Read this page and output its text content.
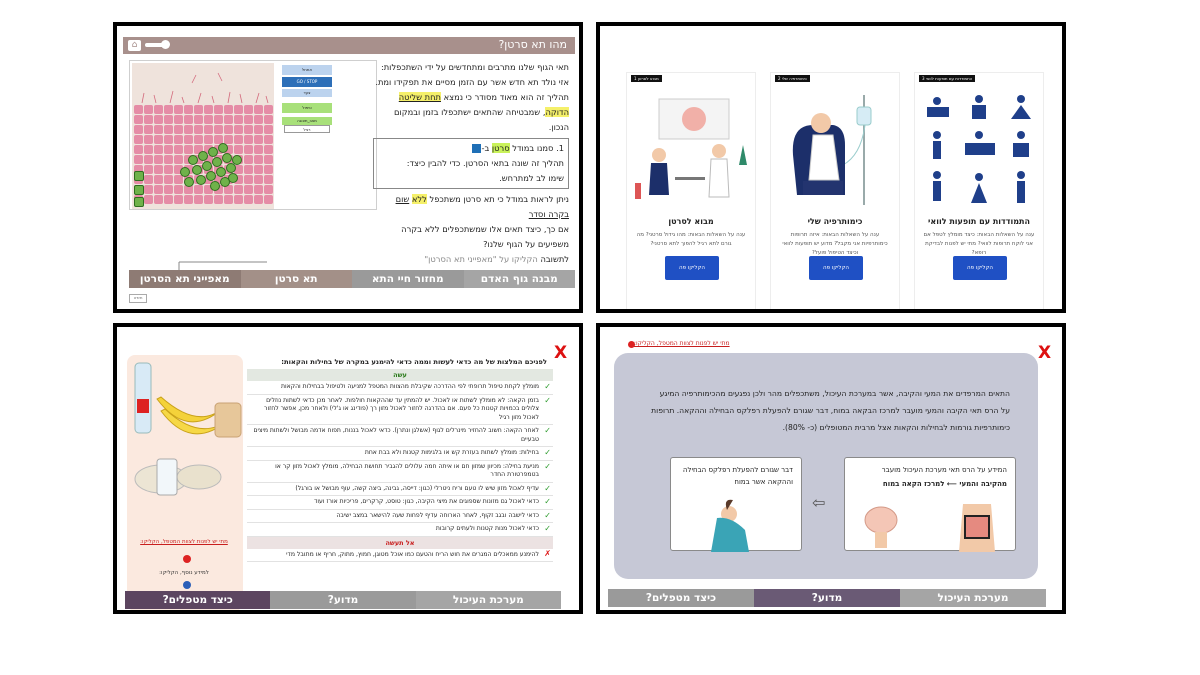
⌂	מהו תא סרטן?
אתחל
GO / STOP
צעד
טיפול
מצב_תצוגה
רגיל
תאי הגוף שלנו מתרבים ומתחדשים על ידי השתכפלות: אזי נולד תא חדש אשר עם הזמן מסיים את תפקידו ומת.
תהליך זה הוא מאוד מסודר כי נמצא תחת שליטה הדוקה, שמבטיחה שהתאים ישתכפלו בזמן ובמקום הנכון.
1. סמנו במודל סרטן ב-
תהליך זה שונה בתאי הסרטן. כדי להבין כיצד:
שימו לב למתרחש.
ניתן לראות במודל כי תא סרטן משתכפל ללא שום בקרה וסדר
אם כך, כיצד תאים אלו שמשתכפלים ללא בקרה משפיעים על הגוף שלנו?
לתשובה הקליקו על "מאפייני תא הסרטן"
מבנה גוף האדם
מחזור חיי התא
תא סרטן
מאפייני תא הסרטן
חזרה
התמודדות עם תופעות לוואי 3
התמודדות עם תופעות לוואי
ענה על השאלות הבאות: כיצד מומלץ לטפל אם אני לוקח תרופות לוואי? מתי יש לפנות לבדיקת רופא?
הקליקו פה
כימותרפיה שלי 2
כימותרפיה שלי
ענה על השאלות הבאות: איזה תרופות כימותרפיות אני מקבל? מדוע יש תופעות לוואי וכיצד הטיפול פועל?
הקליקו פה
מבוא לסרטן 1
מבוא לסרטן
ענה על השאלות הבאות: מהו גידול סרטני? מה גורם לתא רגיל להפוך לתא סרטני?
הקליקו פה
X
מתי יש לפנות לצוות המטפל, הקליקו:
למידע נוסף, הקליקו:
לפניכם המלצות של מה כדאי לעשות וממה כדאי להימנע במקרה של בחילות והקאות:
עשה
✓
מומלץ לקחת טיפול תרופתי לפי ההדרכה שקיבלת מהצוות המטפל למניעה ולטיפול בבחילות והקאות
✓
בזמן הקאה: לא מומלץ לשתות או לאכול. יש להמתין עד שההקאות חולפות. לאחר מכן כדאי לשתות נוזלים צלולים בכמויות קטנות כל פעם. אם בהדרגה לחזור לאכול מזון רך (פודינג או ג'לי) ולאחר מכן, אפשר לחזור לאכול מזון רגיל
✓
לאחר הקאה: חשוב להחזיר מינרלים לגוף (אשלגן ונתרן). כדאי לאכול בננות, תפוח אדמה מבושל ולשתות מיצים טבעיים
✓
בחילות: מומלץ לשתות בעזרת קש או בלגימות קטנות ולא בבת אחת
✓
מניעת בחילה: מכיוון שמזון חם או איתה חמה עלולים להגביר תחושת הבחילה, מומלץ לאכול מזון קר או בטמפרטורת החדר
✓
עדיף לאכול מזון שיש לו טעם וריח ניטרלי (כגון: דייסה, גבינה, ביצה קשה, עוף מבושל או בורגל)
✓
כדאי לאכול גם מזונות שספוגים את מיצי הקיבה, כגון: טוסט, קרקרים, פריכיות אורז ועוד
✓
כדאי לישבה ובגב זקוף, לאחר הארוחה עדיף לפחות שעה להישאר במצב ישיבה
✓
כדאי לאכול מנות קטנות ולעתים קרובות
אל תעשה
✗
להימנע ממאכלים המגרים את חוש הריח והטעם כמו אוכל מטוגן, חמוץ, מתוק, חריף או מתובל מדי
מערכת העיכול
מדוע?
כיצד מטפלים?
מתי יש לפנות לצוות המטפל, הקליקו:	X
התאים המרפדים את המעי והקיבה, אשר במערכת העיכול, משתכפלים מהר ולכן נפגעים מהכימותרפיה המיגע על הרס תאי הקיבה והמעי מועבר למרכז הבקאה במוח, דבר שגורם להפעלת רפלקס הבחילה וההקאה. תרופות כימותרפיות גורמות לבחילות והקאות אצל מרבית המטופלים (כ- 80%).
המידע על הרס תאי מערכת העיכול מועבר
מהקיבה והמעי ⟵ למרכז הקאה במוח
⇦
דבר שגורם להפעלת רפלקס הבחילה וההקאה אשר במוח
מערכת העיכול
מדוע?
כיצד מטפלים?
